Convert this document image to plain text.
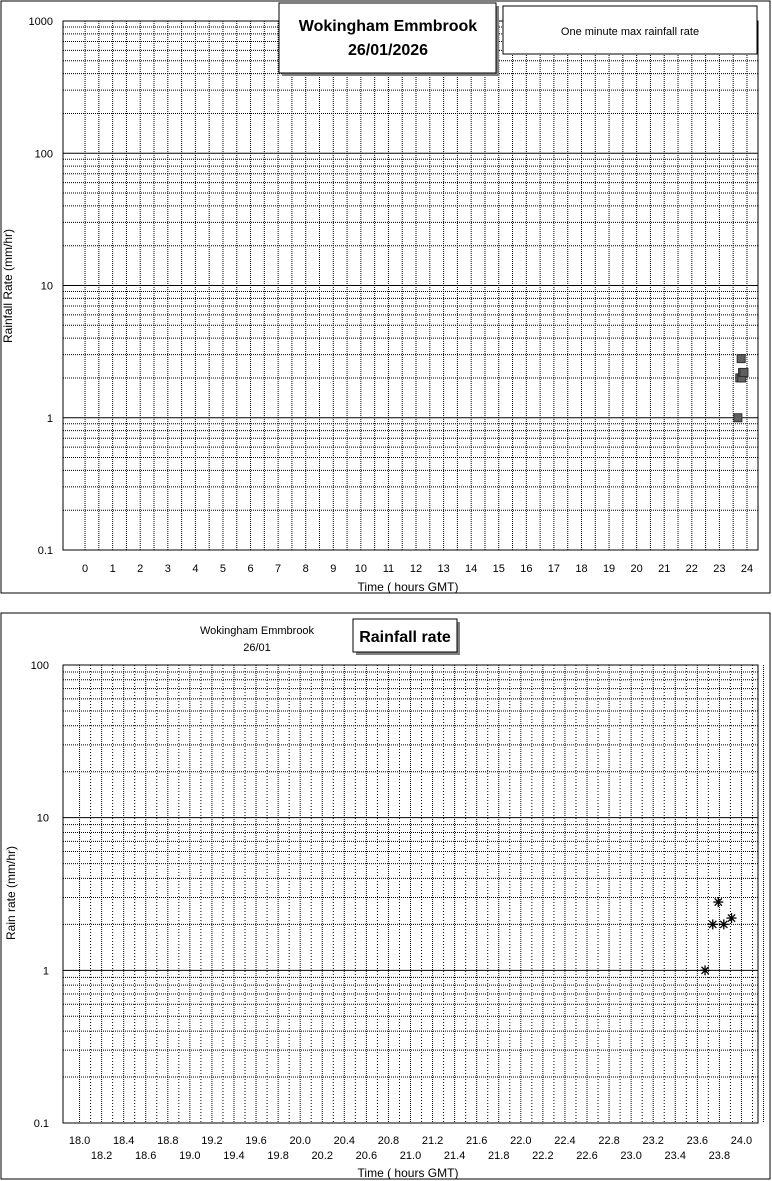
0 1 2 3 4 5 6 7 8 9 10 11 12 13 14 15 16 17 18 19 20 21 22 23 24
0.1
1
10
100
1000	Wokingham Emmbrook
26/01/2026
One minute max rainfall rate
Time ( hours GMT)
Rainfall Rate (mm/hr)
18.0 18.4 18.8 19.2 19.6 20.0 20.4 20.8 21.2 21.6 22.0 22.4 22.8 23.2 23.6 24.0
18.2 18.6 19.0 19.4 19.8 20.2 20.6 21.0 21.4 21.8 22.2 22.6 23.0 23.4 23.8
0.1
1
10
100
Wokingham Emmbrook
26/01
Rainfall rate
Time ( hours GMT)
Rain rate (mm/hr)
